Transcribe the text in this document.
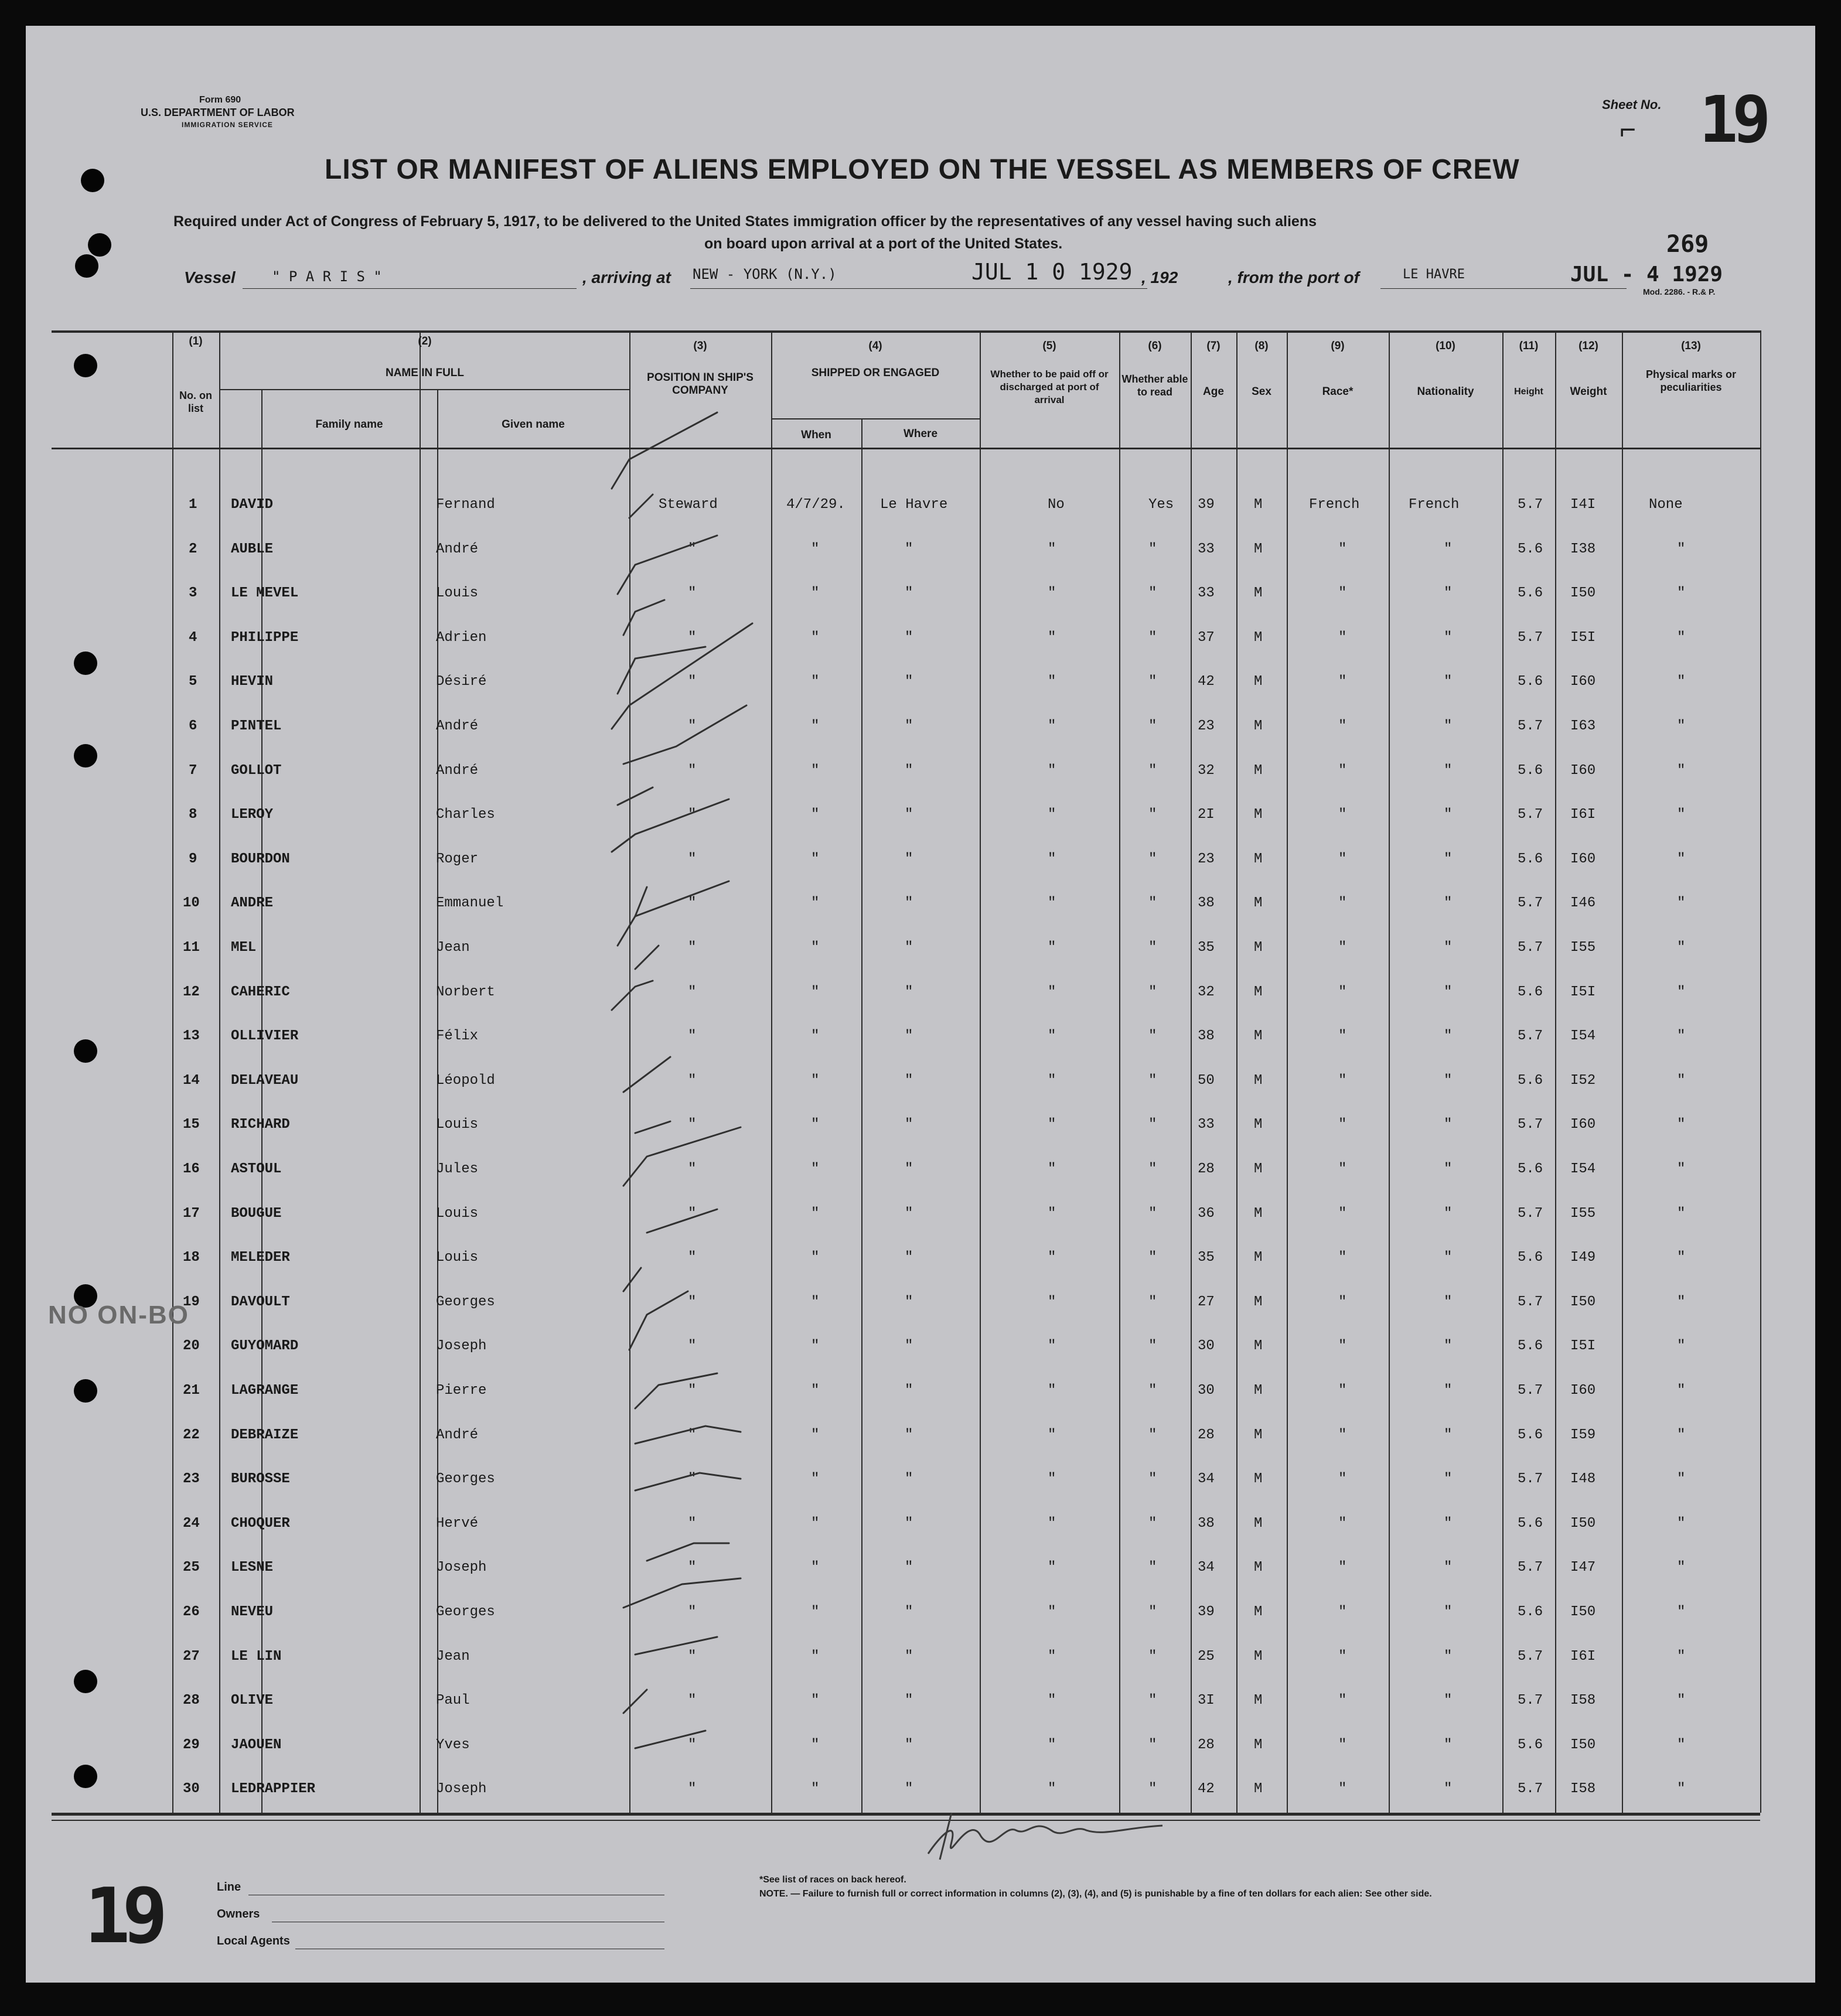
Form 690
U.S. DEPARTMENT OF LABOR
IMMIGRATION SERVICE
Sheet No. 19
⌐
LIST OR MANIFEST OF ALIENS EMPLOYED ON THE VESSEL AS MEMBERS OF CREW
Required under Act of Congress of February 5, 1917, to be delivered to the United States immigration officer by the representatives of any vessel having such aliens
on board upon arrival at a port of the United States.	269
Vessel	" P A R I S "	, arriving at NEW - YORK (N.Y.)	JUL 1 0 1929 , 192	, from the port of	LE HAVRE	JUL - 4 1929
Mod. 2286. - R.& P.
(1)
No. on list
(2)
NAME IN FULL
Family name	Given name
(3)
POSITION IN SHIP'S COMPANY
(4)
SHIPPED OR ENGAGED
When	Where
(5)
Whether to be paid off or discharged at port of arrival
(6)
Whether able to read
(7)
Age
(8)
Sex
(9)
Race*
(10)
Nationality
(11)
Height
(12)
Weight
(13)
Physical marks or peculiarities
1 DAVID	Fernand	Steward	4/7/29. Le Havre	No	Yes 39	M	French	French	5.7 I4I	None
2 AUBLE	André	"	"	"	"	"	33	M	"	"	5.6 I38	"
3 LE MEVEL	Louis	"	"	"	"	"	33	M	"	"	5.6 I50	"
4 PHILIPPE	Adrien	"	"	"	"	"	37	M	"	"	5.7 I5I	"
5 HEVIN	Désiré	"	"	"	"	"	42	M	"	"	5.6 I60	"
6 PINTEL	André	"	"	"	"	"	23	M	"	"	5.7 I63	"
7 GOLLOT	André	"	"	"	"	"	32	M	"	"	5.6 I60	"
8 LEROY	Charles	"	"	"	"	"	2I	M	"	"	5.7 I6I	"
9 BOURDON	Roger	"	"	"	"	"	23	M	"	"	5.6 I60	"
10 ANDRE	Emmanuel	"	"	"	"	"	38	M	"	"	5.7 I46	"
11 MEL	Jean	"	"	"	"	"	35	M	"	"	5.7 I55	"
12 CAHERIC	Norbert	"	"	"	"	"	32	M	"	"	5.6 I5I	"
13 OLLIVIER	Félix	"	"	"	"	"	38	M	"	"	5.7 I54	"
14 DELAVEAU	Léopold	"	"	"	"	"	50	M	"	"	5.6 I52	"
15 RICHARD	Louis	"	"	"	"	"	33	M	"	"	5.7 I60	"
16 ASTOUL	Jules	"	"	"	"	"	28	M	"	"	5.6 I54	"
17 BOUGUE	Louis	"	"	"	"	"	36	M	"	"	5.7 I55	"
18 MELEDER	Louis	"	"	"	"	"	35	M	"	"	5.6 I49	"
19 DAVOULT	Georges	"	"	"	"	"	27	M	"	"	5.7 I50	"
20 GUYOMARD	Joseph	"	"	"	"	"	30	M	"	"	5.6 I5I	"
21 LAGRANGE	Pierre	"	"	"	"	"	30	M	"	"	5.7 I60	"
22 DEBRAIZE	André	"	"	"	"	"	28	M	"	"	5.6 I59	"
23 BUROSSE	Georges	"	"	"	"	"	34	M	"	"	5.7 I48	"
24 CHOQUER	Hervé	"	"	"	"	"	38	M	"	"	5.6 I50	"
25 LESNE	Joseph	"	"	"	"	"	34	M	"	"	5.7 I47	"
26 NEVEU	Georges	"	"	"	"	"	39	M	"	"	5.6 I50	"
27 LE LIN	Jean	"	"	"	"	"	25	M	"	"	5.7 I6I	"
28 OLIVE	Paul	"	"	"	"	"	3I	M	"	"	5.7 I58	"
29 JAOUEN	Yves	"	"	"	"	"	28	M	"	"	5.6 I50	"
30 LEDRAPPIER	Joseph	"	"	"	"	"	42	M	"	"	5.7 I58	"
NO ON-BO
19	Line
Owners
Local Agents
*See list of races on back hereof.
NOTE. — Failure to furnish full or correct information in columns (2), (3), (4), and (5) is punishable by a fine of ten dollars for each alien: See other side.
